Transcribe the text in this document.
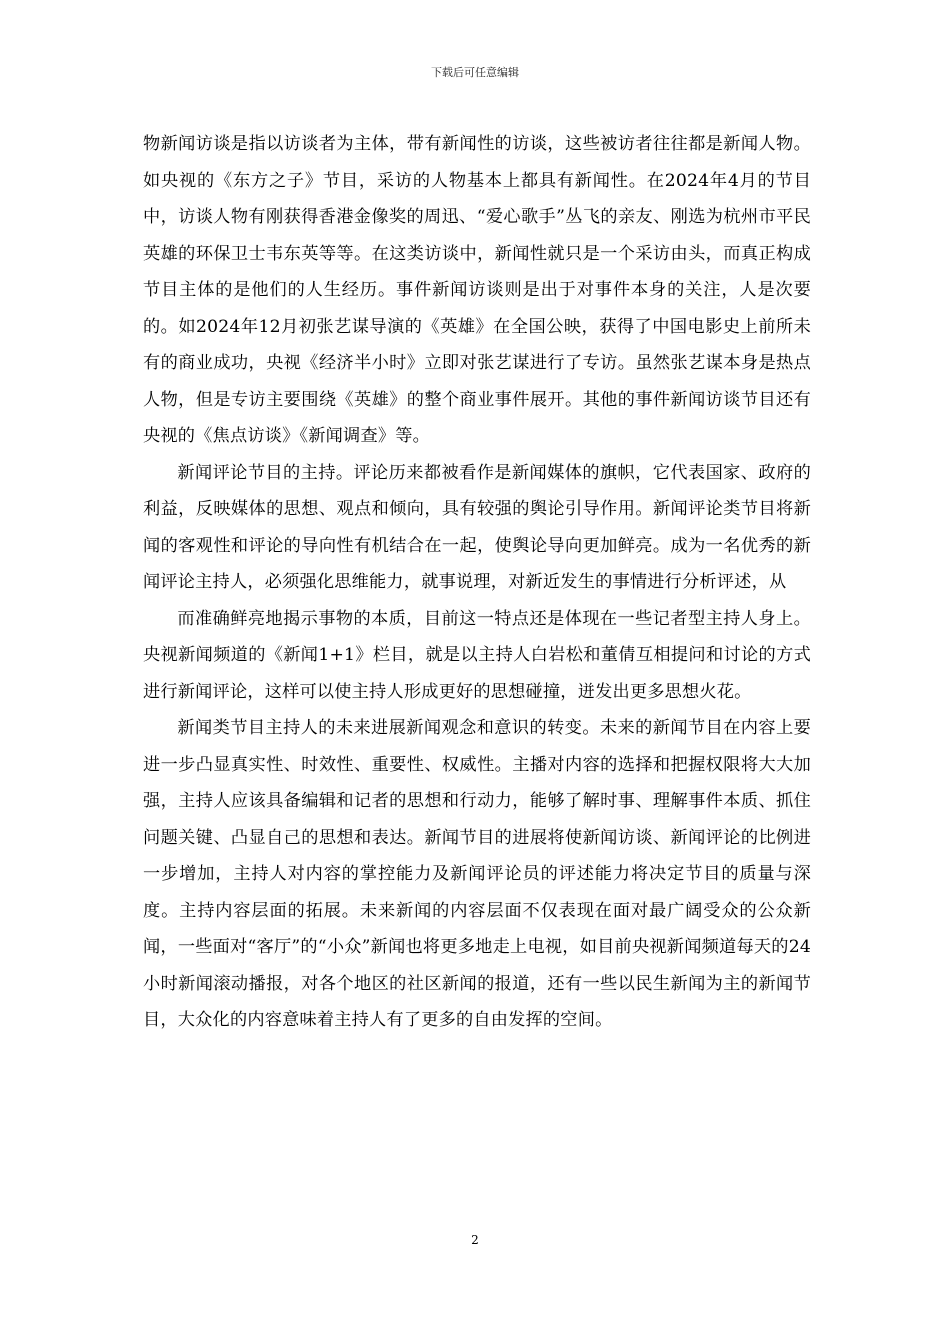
下载后可任意编辑

物新闻访谈是指以访谈者为主体，带有新闻性的访谈，这些被访者往往都是新闻人物。如央视的《东方之子》节目，采访的人物基本上都具有新闻性。在2024年4月的节目中，访谈人物有刚获得香港金像奖的周迅、“爱心歌手”丛飞的亲友、刚选为杭州市平民英雄的环保卫士韦东英等等。在这类访谈中，新闻性就只是一个采访由头，而真正构成节目主体的是他们的人生经历。事件新闻访谈则是出于对事件本身的关注，人是次要的。如2024年12月初张艺谋导演的《英雄》在全国公映，获得了中国电影史上前所未有的商业成功，央视《经济半小时》立即对张艺谋进行了专访。虽然张艺谋本身是热点人物，但是专访主要围绕《英雄》的整个商业事件展开。其他的事件新闻访谈节目还有央视的《焦点访谈》《新闻调查》等。

新闻评论节目的主持。评论历来都被看作是新闻媒体的旗帜，它代表国家、政府的利益，反映媒体的思想、观点和倾向，具有较强的舆论引导作用。新闻评论类节目将新闻的客观性和评论的导向性有机结合在一起，使舆论导向更加鲜亮。成为一名优秀的新闻评论主持人，必须强化思维能力，就事说理，对新近发生的事情进行分析评述，从

而准确鲜亮地揭示事物的本质，目前这一特点还是体现在一些记者型主持人身上。央视新闻频道的《新闻1+1》栏目，就是以主持人白岩松和董倩互相提问和讨论的方式进行新闻评论，这样可以使主持人形成更好的思想碰撞，迸发出更多思想火花。

新闻类节目主持人的未来进展新闻观念和意识的转变。未来的新闻节目在内容上要进一步凸显真实性、时效性、重要性、权威性。主播对内容的选择和把握权限将大大加强，主持人应该具备编辑和记者的思想和行动力，能够了解时事、理解事件本质、抓住问题关键、凸显自己的思想和表达。新闻节目的进展将使新闻访谈、新闻评论的比例进一步增加，主持人对内容的掌控能力及新闻评论员的评述能力将决定节目的质量与深度。主持内容层面的拓展。未来新闻的内容层面不仅表现在面对最广阔受众的公众新闻，一些面对“客厅”的“小众”新闻也将更多地走上电视，如目前央视新闻频道每天的24小时新闻滚动播报，对各个地区的社区新闻的报道，还有一些以民生新闻为主的新闻节目，大众化的内容意味着主持人有了更多的自由发挥的空间。

2
